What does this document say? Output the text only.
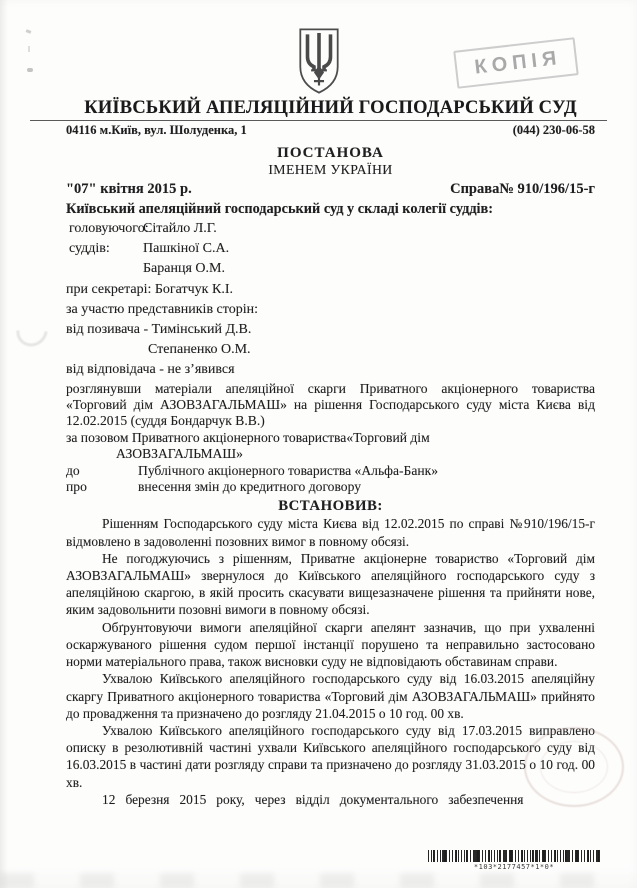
КОПІЯ
КИЇВСЬКИЙ АПЕЛЯЦІЙНИЙ ГОСПОДАРСЬКИЙ СУД
04116 м.Київ, вул. Шолуденка, 1	(044) 230-06-58
ПОСТАНОВА
ІМЕНЕМ УКРАЇНИ
"07" квітня 2015 р.	Справа№ 910/196/15-г
Київський апеляційний господарський суд у складі колегії суддів:
головуючого:
Сітайло Л.Г.
суддів:	Пашкіної С.А.
Баранця О.М.
при секретарі: Богатчук К.І.
за участю представників сторін:
від позивача - Тимінський Д.В.
Степаненко О.М.
від відповідача - не з’явився
розглянувши матеріали апеляційної скарги Приватного акціонерного товариства «Торговий дім АЗОВЗАГАЛЬМАШ» на рішення Господарського суду міста Києва від 12.02.2015 (суддя Бондарчук В.В.)
за позовом Приватного акціонерного товариства«Торговий дім
АЗОВЗАГАЛЬМАШ»
до	Публічного акціонерного товариства «Альфа-Банк»
про	внесення змін до кредитного договору
ВСТАНОВИВ:

Рішенням Господарського суду міста Києва від 12.02.2015 по справі №910/196/15-г відмовлено в задоволенні позовних вимог в повному обсязі.

Не погоджуючись з рішенням, Приватне акціонерне товариство «Торговий дім АЗОВЗАГАЛЬМАШ» звернулося до Київського апеляційного господарського суду з апеляційною скаргою, в якій просить скасувати вищезазначене рішення та прийняти нове, яким задовольнити позовні вимоги в повному обсязі.

Обґрунтовуючи вимоги апеляційної скарги апелянт зазначив, що при ухваленні оскаржуваного рішення судом першої інстанції порушено та неправильно застосовано норми матеріального права, також висновки суду не відповідають обставинам справи.

Ухвалою Київського апеляційного господарського суду від 16.03.2015 апеляційну скаргу Приватного акціонерного товариства «Торговий дім АЗОВЗАГАЛЬМАШ» прийнято до провадження та призначено до розгляду 21.04.2015 о 10 год. 00 хв.

Ухвалою Київського апеляційного господарського суду від 17.03.2015 виправлено описку в резолютивній частині ухвали Київського апеляційного господарського суду від 16.03.2015 в частині дати розгляду справи та призначено до розгляду 31.03.2015 о 10 год. 00 хв.

12 березня 2015 року, через відділ документального забезпечення

*103*2177457*1*0*
